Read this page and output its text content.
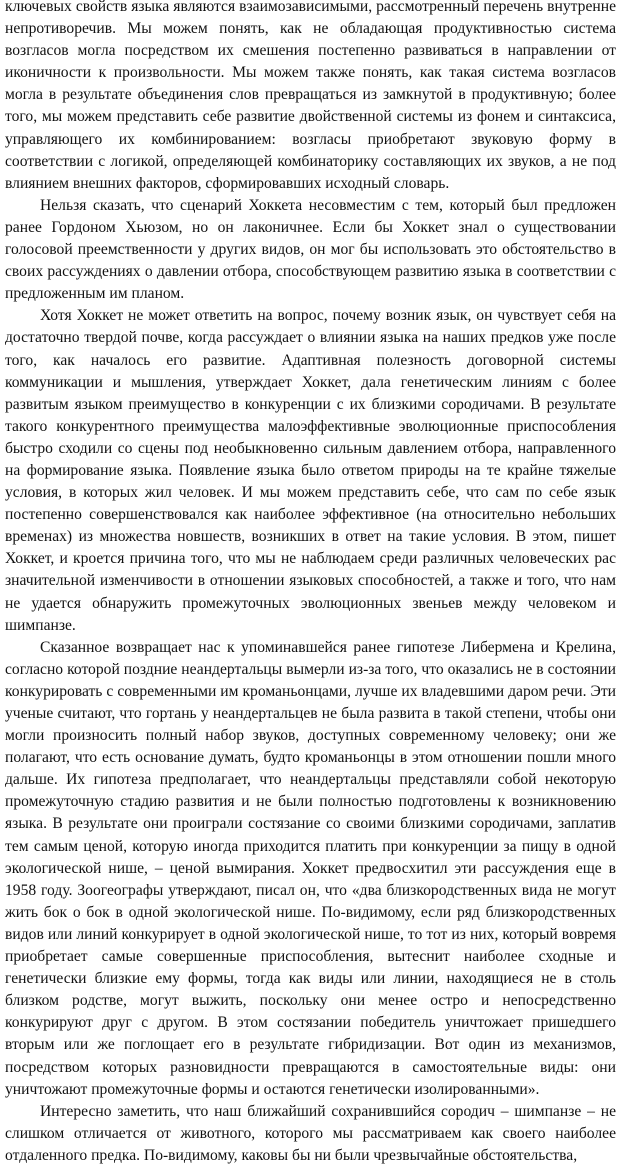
ключевых свойств языка являются взаимозависимыми, рассмотренный перечень внутренне непротиворечив. Мы можем понять, как не обладающая продуктивностью система возгласов могла посредством их смешения постепенно развиваться в направлении от иконичности к произвольности. Мы можем также понять, как такая система возгласов могла в результате объединения слов превращаться из замкнутой в продуктивную; более того, мы можем представить себе развитие двойственной системы из фонем и синтаксиса, управляющего их комбинированием: возгласы приобретают звуковую форму в соответствии с логикой, определяющей комбинаторику составляющих их звуков, а не под влиянием внешних факторов, сформировавших исходный словарь.

Нельзя сказать, что сценарий Хоккета несовместим с тем, который был предложен ранее Гордоном Хьюзом, но он лаконичнее. Если бы Хоккет знал о существовании голосовой преемственности у других видов, он мог бы использовать это обстоятельство в своих рассуждениях о давлении отбора, способствующем развитию языка в соответствии с предложенным им планом.

Хотя Хоккет не может ответить на вопрос, почему возник язык, он чувствует себя на достаточно твердой почве, когда рассуждает о влиянии языка на наших предков уже после того, как началось его развитие. Адаптивная полезность договорной системы коммуникации и мышления, утверждает Хоккет, дала генетическим линиям с более развитым языком преимущество в конкуренции с их близкими сородичами. В результате такого конкурентного преимущества малоэффективные эволюционные приспособления быстро сходили со сцены под необыкновенно сильным давлением отбора, направленного на формирование языка. Появление языка было ответом природы на те крайне тяжелые условия, в которых жил человек. И мы можем представить себе, что сам по себе язык постепенно совершенствовался как наиболее эффективное (на относительно небольших временах) из множества новшеств, возникших в ответ на такие условия. В этом, пишет Хоккет, и кроется причина того, что мы не наблюдаем среди различных человеческих рас значительной изменчивости в отношении языковых способностей, а также и того, что нам не удается обнаружить промежуточных эволюционных звеньев между человеком и шимпанзе.

Сказанное возвращает нас к упоминавшейся ранее гипотезе Либермена и Крелина, согласно которой поздние неандертальцы вымерли из-за того, что оказались не в состоянии конкурировать с современными им кроманьонцами, лучше их владевшими даром речи. Эти ученые считают, что гортань у неандертальцев не была развита в такой степени, чтобы они могли произносить полный набор звуков, доступных современному человеку; они же полагают, что есть основание думать, будто кроманьонцы в этом отношении пошли много дальше. Их гипотеза предполагает, что неандертальцы представляли собой некоторую промежуточную стадию развития и не были полностью подготовлены к возникновению языка. В результате они проиграли состязание со своими близкими сородичами, заплатив тем самым ценой, которую иногда приходится платить при конкуренции за пищу в одной экологической нише, – ценой вымирания. Хоккет предвосхитил эти рассуждения еще в 1958 году. Зоогеографы утверждают, писал он, что «два близкородственных вида не могут жить бок о бок в одной экологической нише. По-видимому, если ряд близкородственных видов или линий конкурирует в одной экологической нише, то тот из них, который вовремя приобретает самые совершенные приспособления, вытеснит наиболее сходные и генетически близкие ему формы, тогда как виды или линии, находящиеся не в столь близком родстве, могут выжить, поскольку они менее остро и непосредственно конкурируют друг с другом. В этом состязании победитель уничтожает пришедшего вторым или же поглощает его в результате гибридизации. Вот один из механизмов, посредством которых разновидности превращаются в самостоятельные виды: они уничтожают промежуточные формы и остаются генетически изолированными».

Интересно заметить, что наш ближайший сохранившийся сородич – шимпанзе – не слишком отличается от животного, которого мы рассматриваем как своего наиболее отдаленного предка. По-видимому, каковы бы ни были чрезвычайные обстоятельства,
